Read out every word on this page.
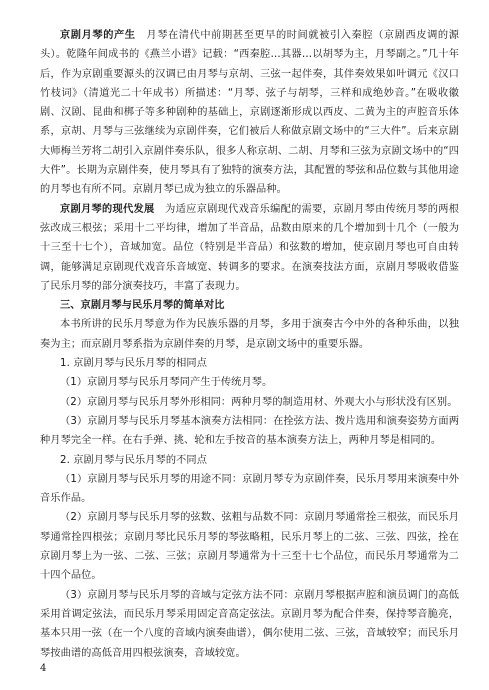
京剧月琴的产生　月琴在清代中前期甚至更早的时间就被引入秦腔（京剧西皮调的源头）。乾隆年间成书的《燕兰小谱》记载：“西秦腔…其器…以胡琴为主，月琴副之。”几十年后，作为京剧重要源头的汉调已由月琴与京胡、三弦一起伴奏，其伴奏效果如叶调元《汉口竹枝词》（清道光二十年成书）所描述：“月琴、弦子与胡琴，三样和成绝妙音。”在吸收徽剧、汉剧、昆曲和梆子等多种剧种的基础上，京剧逐渐形成以西皮、二黄为主的声腔音乐体系，京胡、月琴与三弦继续为京剧伴奏，它们被后人称做京剧文场中的“三大件”。后来京剧大师梅兰芳将二胡引入京剧伴奏乐队，很多人称京胡、二胡、月琴和三弦为京剧文场中的“四大件”。长期为京剧伴奏，使月琴具有了独特的演奏方法，其配置的琴弦和品位数与其他用途的月琴也有所不同。京剧月琴已成为独立的乐器品种。

京剧月琴的现代发展　为适应京剧现代戏音乐编配的需要，京剧月琴由传统月琴的两根弦改成三根弦；采用十二平均律，增加了半音品，品数由原来的几个增加到十几个（一般为十三至十七个），音域加宽。品位（特别是半音品）和弦数的增加，使京剧月琴也可自由转调，能够满足京剧现代戏音乐音域宽、转调多的要求。在演奏技法方面，京剧月琴吸收借鉴了民乐月琴的部分演奏技巧，丰富了表现力。

三、京剧月琴与民乐月琴的简单对比

本书所讲的民乐月琴意为作为民族乐器的月琴，多用于演奏古今中外的各种乐曲，以独奏为主；而京剧月琴系指为京剧伴奏的月琴，是京剧文场中的重要乐器。

1. 京剧月琴与民乐月琴的相同点

（1）京剧月琴与民乐月琴同产生于传统月琴。

（2）京剧月琴与民乐月琴外形相同：两种月琴的制造用材、外观大小与形状没有区别。

（3）京剧月琴与民乐月琴基本演奏方法相同：在拴弦方法、拨片选用和演奏姿势方面两种月琴完全一样。在右手弹、挑、轮和左手按音的基本演奏方法上，两种月琴是相同的。

2. 京剧月琴与民乐月琴的不同点

（1）京剧月琴与民乐月琴的用途不同：京剧月琴专为京剧伴奏，民乐月琴用来演奏中外音乐作品。

（2）京剧月琴与民乐月琴的弦数、弦粗与品数不同：京剧月琴通常拴三根弦，而民乐月琴通常拴四根弦；京剧月琴比民乐月琴的琴弦略粗，民乐月琴上的二弦、三弦、四弦，拴在京剧月琴上为一弦、二弦、三弦；京剧月琴通常为十三至十七个品位，而民乐月琴通常为二十四个品位。

（3）京剧月琴与民乐月琴的音域与定弦方法不同：京剧月琴根据声腔和演员调门的高低采用首调定弦法，而民乐月琴采用固定音高定弦法。京剧月琴为配合伴奏，保持琴音脆亮，基本只用一弦（在一个八度的音域内演奏曲谱），偶尔使用二弦、三弦，音域较窄；而民乐月琴按曲谱的高低音用四根弦演奏，音域较宽。

4
